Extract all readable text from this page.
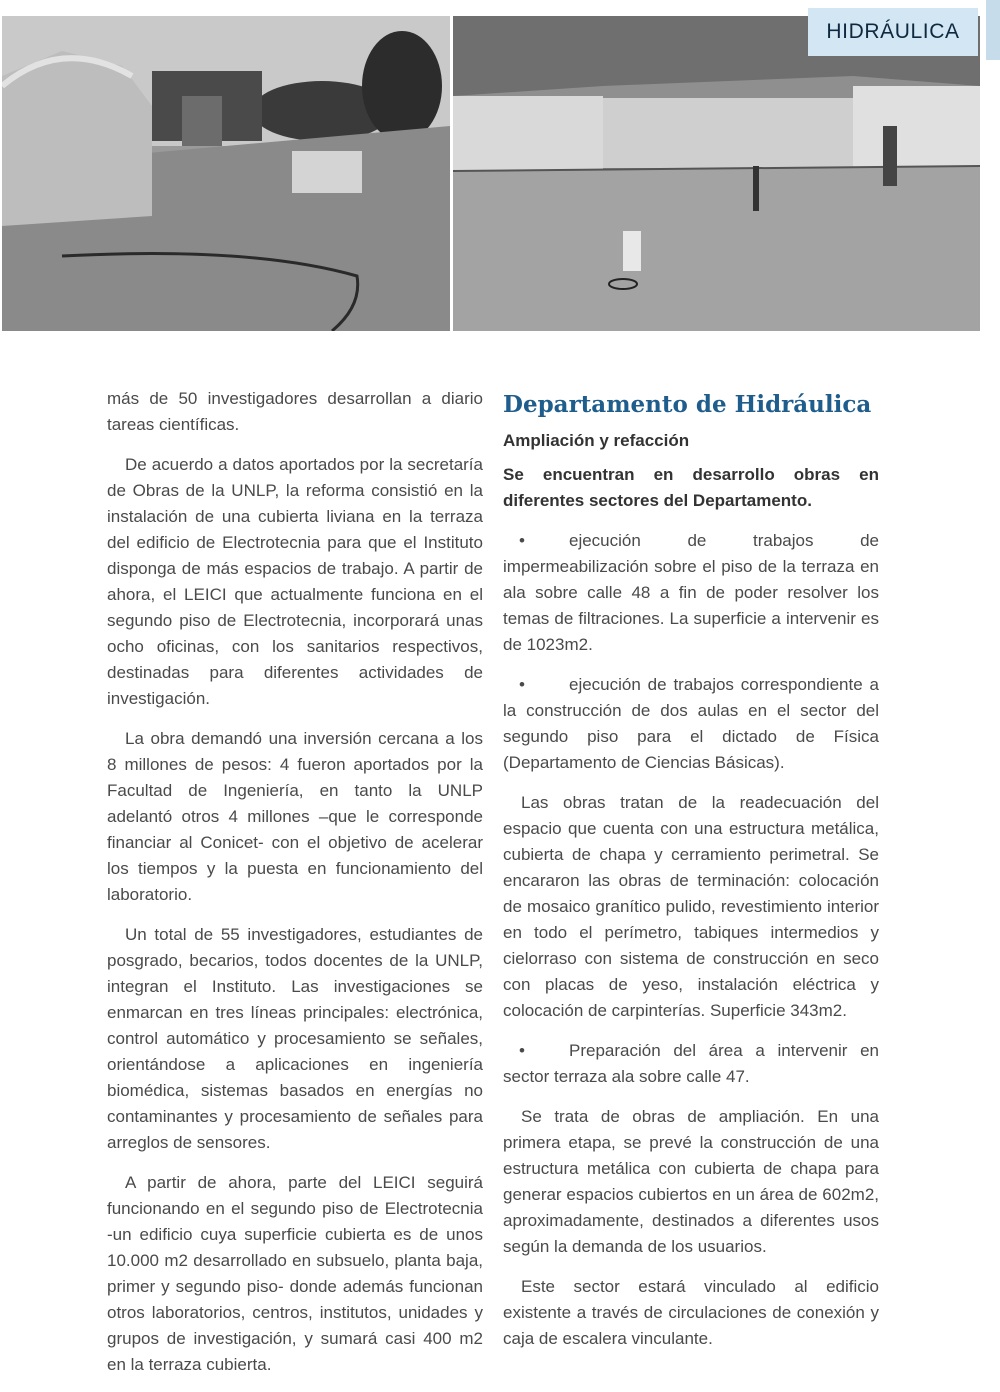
HIDRÁULICA

más de 50 investigadores desarrollan a diario tareas científicas.

De acuerdo a datos aportados por la secretaría de Obras de la UNLP, la reforma consistió en la instalación de una cubierta liviana en la terraza del edificio de Electrotecnia para que el Instituto disponga de más espacios de trabajo. A partir de ahora, el LEICI que actualmente funciona en el segundo piso de Electrotecnia, incorporará unas ocho oficinas, con los sanitarios respectivos, destinadas para diferentes actividades de investigación.

La obra demandó una inversión cercana a los 8 millones de pesos: 4 fueron aportados por la Facultad de Ingeniería, en tanto la UNLP adelantó otros 4 millones –que le corresponde financiar al Conicet- con el objetivo de acelerar los tiempos y la puesta en funcionamiento del laboratorio.

Un total de 55 investigadores, estudiantes de posgrado, becarios, todos docentes de la UNLP, integran el Instituto. Las investigaciones se enmarcan en tres líneas principales: electrónica, control automático y procesamiento se señales, orientándose a aplicaciones en ingeniería biomédica, sistemas basados en energías no contaminantes y procesamiento de señales para arreglos de sensores.

A partir de ahora, parte del LEICI seguirá funcionando en el segundo piso de Electrotecnia -un edificio cuya superficie cubierta es de unos 10.000 m2 desarrollado en subsuelo, planta baja, primer y segundo piso- donde además funcionan otros laboratorios, centros, institutos, unidades y grupos de investigación, y sumará casi 400 m2 en la terraza cubierta.

Departamento de Hidráulica
Ampliación y refacción

Se encuentran en desarrollo obras en diferentes sectores del Departamento.

•	ejecución de trabajos de impermeabilización sobre el piso de la terraza en ala sobre calle 48 a fin de poder resolver los temas de filtraciones. La superficie a intervenir es de 1023m2.

•	ejecución de trabajos correspondiente a la construcción de dos aulas en el sector del segundo piso para el dictado de Física (Departamento de Ciencias Básicas).

Las obras tratan de la readecuación del espacio que cuenta con una estructura metálica, cubierta de chapa y cerramiento perimetral. Se encararon las obras de terminación: colocación de mosaico granítico pulido, revestimiento interior en todo el perímetro, tabiques intermedios y cielorraso con sistema de construcción en seco con placas de yeso, instalación eléctrica y colocación de carpinterías. Superficie 343m2.

•	Preparación del área a intervenir en sector terraza ala sobre calle 47.

Se trata de obras de ampliación. En una primera etapa, se prevé la construcción de una estructura metálica con cubierta de chapa para generar espacios cubiertos en un área de 602m2, aproximadamente, destinados a diferentes usos según la demanda de los usuarios.

Este sector estará vinculado al edificio existente a través de circulaciones de conexión y caja de escalera vinculante.
